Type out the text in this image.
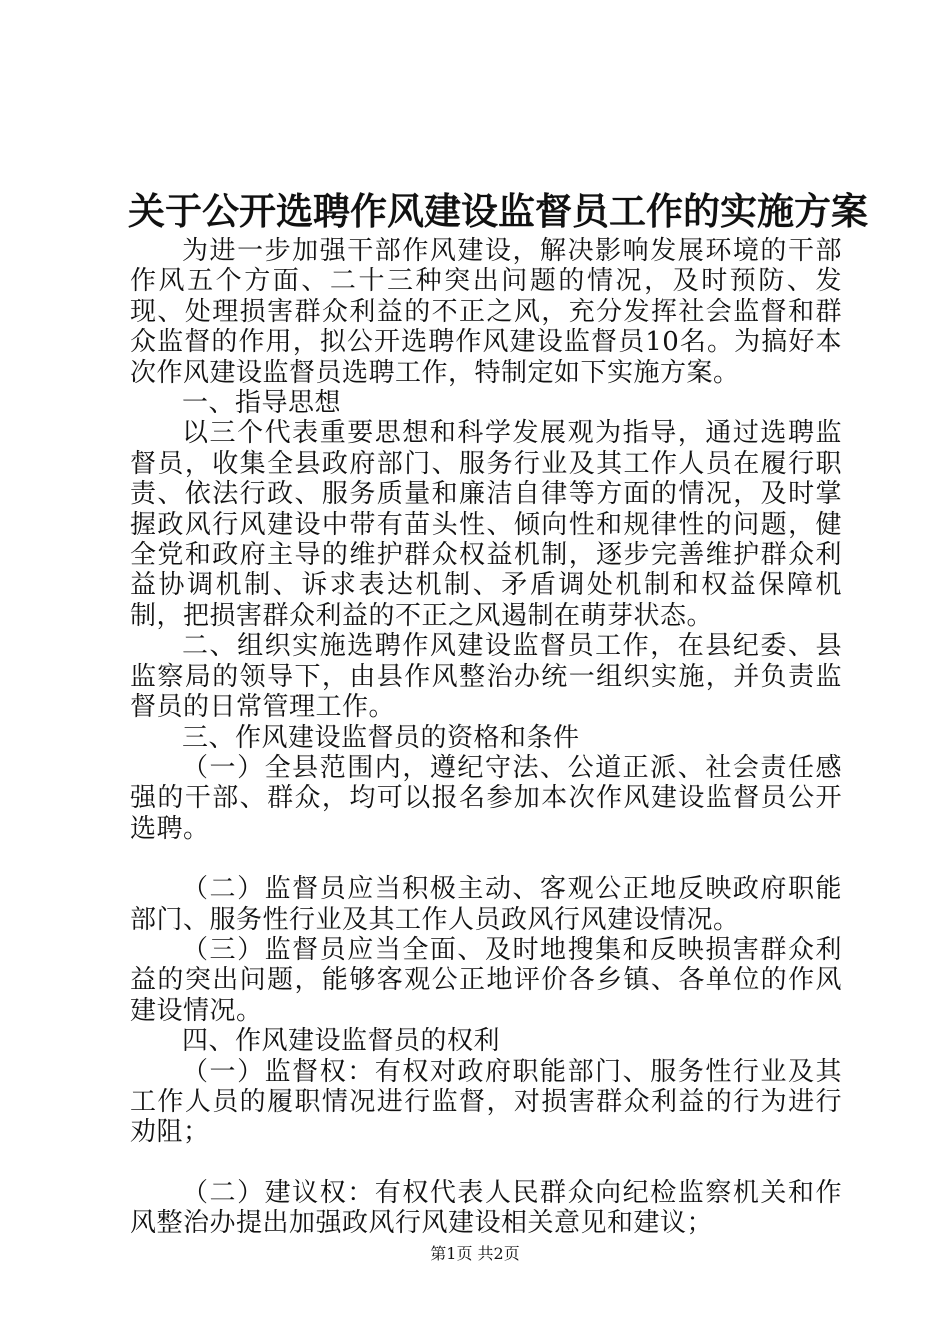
关于公开选聘作风建设监督员工作的实施方案

为进一步加强干部作风建设，解决影响发展环境的干部作风五个方面、二十三种突出问题的情况，及时预防、发现、处理损害群众利益的不正之风，充分发挥社会监督和群众监督的作用，拟公开选聘作风建设监督员10名。为搞好本次作风建设监督员选聘工作，特制定如下实施方案。

一、指导思想

以三个代表重要思想和科学发展观为指导，通过选聘监督员，收集全县政府部门、服务行业及其工作人员在履行职责、依法行政、服务质量和廉洁自律等方面的情况，及时掌握政风行风建设中带有苗头性、倾向性和规律性的问题，健全党和政府主导的维护群众权益机制，逐步完善维护群众利益协调机制、诉求表达机制、矛盾调处机制和权益保障机制，把损害群众利益的不正之风遏制在萌芽状态。

二、组织实施选聘作风建设监督员工作，在县纪委、县监察局的领导下，由县作风整治办统一组织实施，并负责监督员的日常管理工作。

三、作风建设监督员的资格和条件

（一）全县范围内，遵纪守法、公道正派、社会责任感强的干部、群众，均可以报名参加本次作风建设监督员公开选聘。

（二）监督员应当积极主动、客观公正地反映政府职能部门、服务性行业及其工作人员政风行风建设情况。

（三）监督员应当全面、及时地搜集和反映损害群众利益的突出问题，能够客观公正地评价各乡镇、各单位的作风建设情况。

四、作风建设监督员的权利

（一）监督权：有权对政府职能部门、服务性行业及其工作人员的履职情况进行监督，对损害群众利益的行为进行劝阻；

（二）建议权：有权代表人民群众向纪检监察机关和作风整治办提出加强政风行风建设相关意见和建议；

第1页 共2页
